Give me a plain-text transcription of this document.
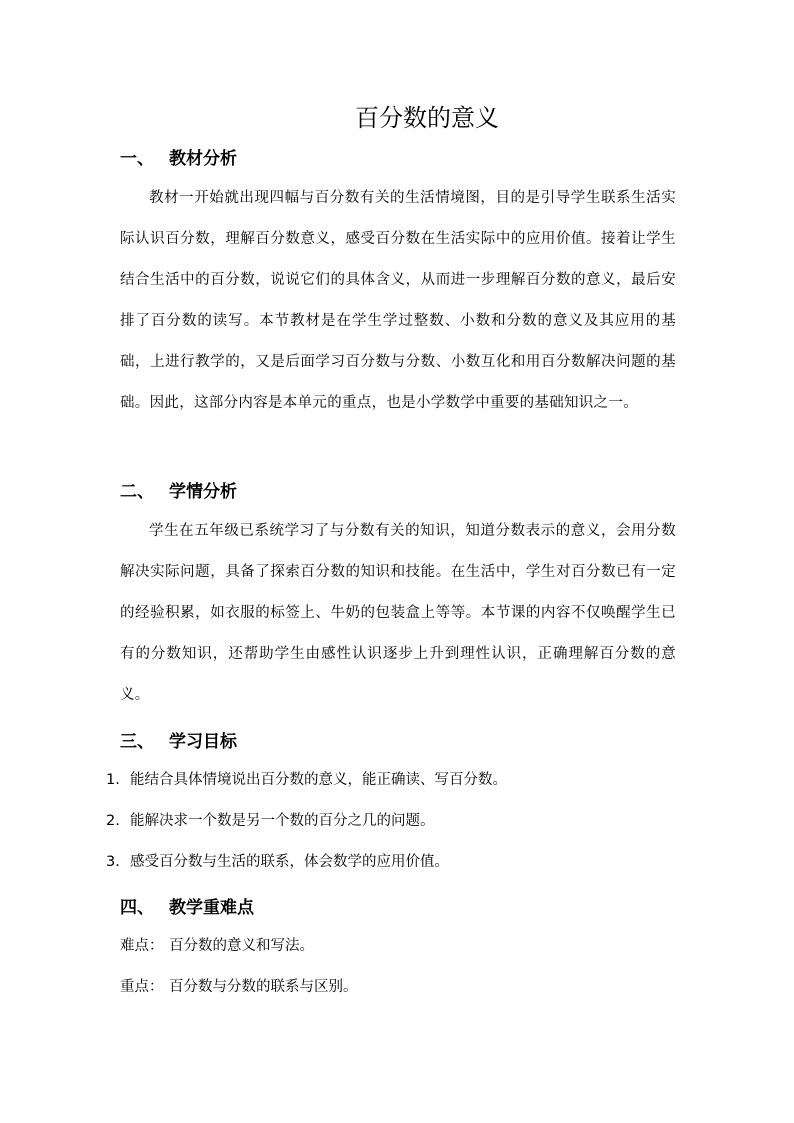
百分数的意义
一、 教材分析

教材一开始就出现四幅与百分数有关的生活情境图，目的是引导学生联系生活实际认识百分数，理解百分数意义，感受百分数在生活实际中的应用价值。接着让学生结合生活中的百分数，说说它们的具体含义，从而进一步理解百分数的意义，最后安排了百分数的读写。本节教材是在学生学过整数、小数和分数的意义及其应用的基础，上进行教学的，又是后面学习百分数与分数、小数互化和用百分数解决问题的基础。因此，这部分内容是本单元的重点，也是小学数学中重要的基础知识之一。

二、 学情分析

学生在五年级已系统学习了与分数有关的知识，知道分数表示的意义，会用分数解决实际问题，具备了探索百分数的知识和技能。在生活中，学生对百分数已有一定的经验积累，如衣服的标签上、牛奶的包装盒上等等。本节课的内容不仅唤醒学生已有的分数知识，还帮助学生由感性认识逐步上升到理性认识，正确理解百分数的意义。

三、 学习目标
1. 能结合具体情境说出百分数的意义，能正确读、写百分数。
2. 能解决求一个数是另一个数的百分之几的问题。
3. 感受百分数与生活的联系，体会数学的应用价值。
四、 教学重难点

难点： 百分数的意义和写法。

重点： 百分数与分数的联系与区别。
